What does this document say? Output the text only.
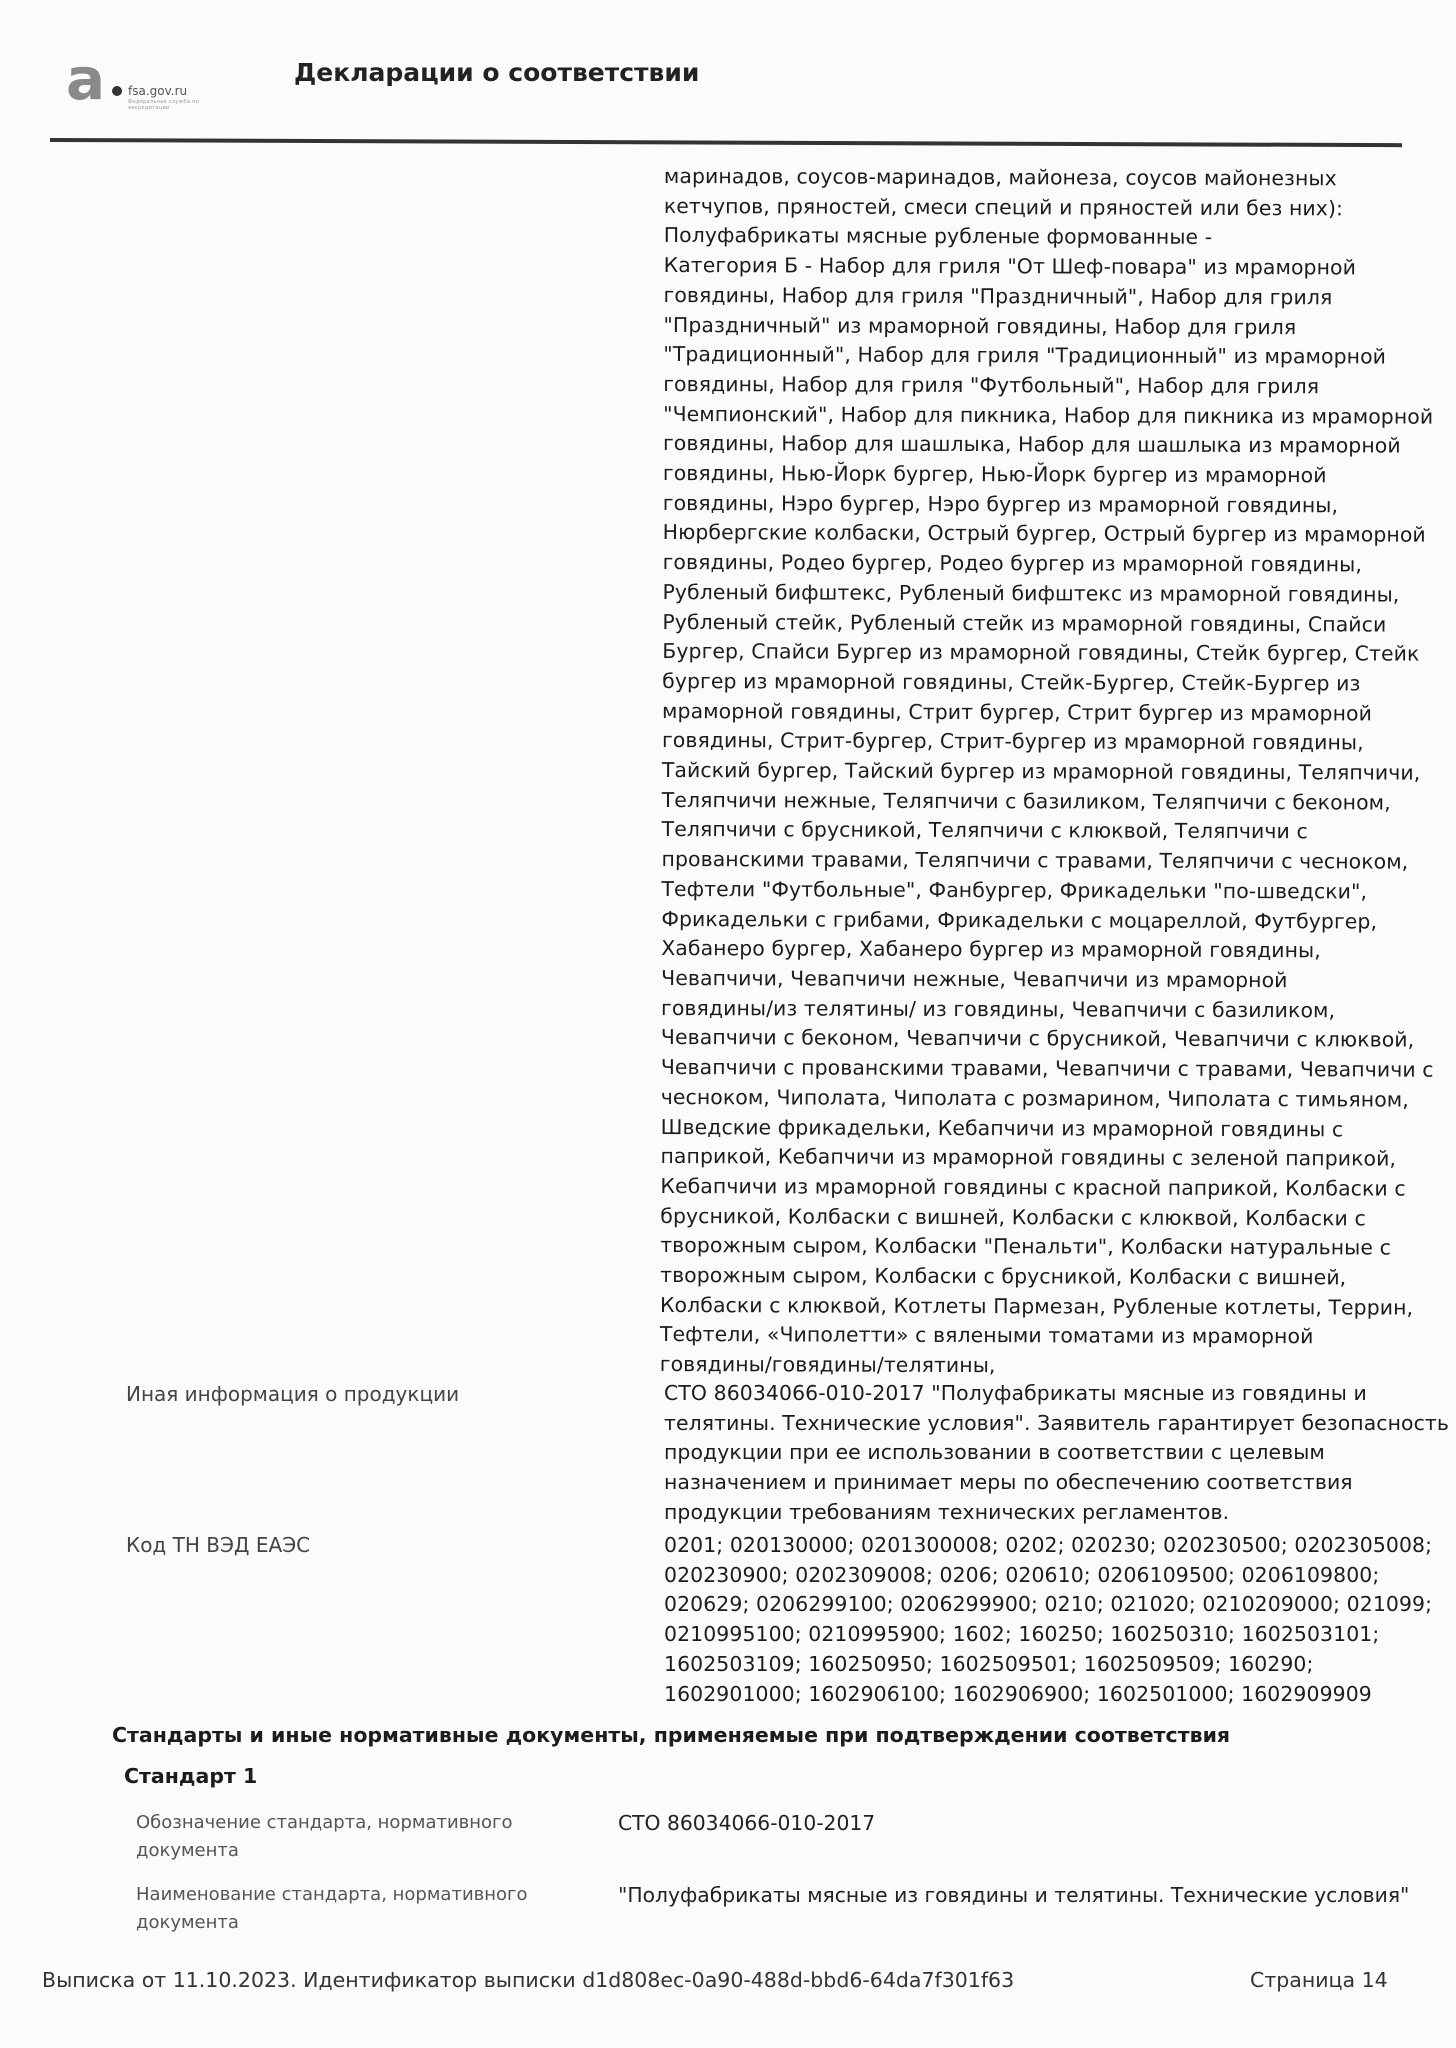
a fsa.gov.ru
Федеральная служба по аккредитации
Декларации о соответствии
маринадов, соусов-маринадов, майонеза, соусов майонезных
кетчупов, пряностей, смеси специй и пряностей или без них):
Полуфабрикаты мясные рубленые формованные -
Категория Б - Набор для гриля "От Шеф-повара" из мраморной
говядины, Набор для гриля "Праздничный", Набор для гриля
"Праздничный" из мраморной говядины, Набор для гриля
"Традиционный", Набор для гриля "Традиционный" из мраморной
говядины, Набор для гриля "Футбольный", Набор для гриля
"Чемпионский", Набор для пикника, Набор для пикника из мраморной
говядины, Набор для шашлыка, Набор для шашлыка из мраморной
говядины, Нью-Йорк бургер, Нью-Йорк бургер из мраморной
говядины, Нэро бургер, Нэро бургер из мраморной говядины,
Нюрбергские колбаски, Острый бургер, Острый бургер из мраморной
говядины, Родео бургер, Родео бургер из мраморной говядины,
Рубленый бифштекс, Рубленый бифштекс из мраморной говядины,
Рубленый стейк, Рубленый стейк из мраморной говядины, Спайси
Бургер, Спайси Бургер из мраморной говядины, Стейк бургер, Стейк
бургер из мраморной говядины, Стейк-Бургер, Стейк-Бургер из
мраморной говядины, Стрит бургер, Стрит бургер из мраморной
говядины, Стрит-бургер, Стрит-бургер из мраморной говядины,
Тайский бургер, Тайский бургер из мраморной говядины, Теляпчичи,
Теляпчичи нежные, Теляпчичи с базиликом, Теляпчичи с беконом,
Теляпчичи с брусникой, Теляпчичи с клюквой, Теляпчичи с
прованскими травами, Теляпчичи с травами, Теляпчичи с чесноком,
Тефтели "Футбольные", Фанбургер, Фрикадельки "по-шведски",
Фрикадельки с грибами, Фрикадельки с моцареллой, Футбургер,
Хабанеро бургер, Хабанеро бургер из мраморной говядины,
Чевапчичи, Чевапчичи нежные, Чевапчичи из мраморной
говядины/из телятины/ из говядины, Чевапчичи с базиликом,
Чевапчичи с беконом, Чевапчичи с брусникой, Чевапчичи с клюквой,
Чевапчичи с прованскими травами, Чевапчичи с травами, Чевапчичи с
чесноком, Чиполата, Чиполата с розмарином, Чиполата с тимьяном,
Шведские фрикадельки, Кебапчичи из мраморной говядины с
паприкой, Кебапчичи из мраморной говядины с зеленой паприкой,
Кебапчичи из мраморной говядины с красной паприкой, Колбаски с
брусникой, Колбаски с вишней, Колбаски с клюквой, Колбаски с
творожным сыром, Колбаски "Пенальти", Колбаски натуральные с
творожным сыром, Колбаски с брусникой, Колбаски с вишней,
Колбаски с клюквой, Котлеты Пармезан, Рубленые котлеты, Террин,
Тефтели, «Чиполетти» с вялеными томатами из мраморной
говядины/говядины/телятины,
Иная информация о продукции	СТО 86034066-010-2017 "Полуфабрикаты мясные из говядины и
телятины. Технические условия". Заявитель гарантирует безопасность
продукции при ее использовании в соответствии с целевым
назначением и принимает меры по обеспечению соответствия
продукции требованиям технических регламентов.
Код ТН ВЭД ЕАЭС	0201; 020130000; 0201300008; 0202; 020230; 020230500; 0202305008;
020230900; 0202309008; 0206; 020610; 0206109500; 0206109800;
020629; 0206299100; 0206299900; 0210; 021020; 0210209000; 021099;
0210995100; 0210995900; 1602; 160250; 160250310; 1602503101;
1602503109; 160250950; 1602509501; 1602509509; 160290;
1602901000; 1602906100; 1602906900; 1602501000; 1602909909
Стандарты и иные нормативные документы, применяемые при подтверждении соответствия
Стандарт 1
Обозначение стандарта, нормативного
документа
СТО 86034066-010-2017
Наименование стандарта, нормативного
документа
"Полуфабрикаты мясные из говядины и телятины. Технические условия"
Выписка от 11.10.2023. Идентификатор выписки d1d808ec-0a90-488d-bbd6-64da7f301f63	Страница 14
